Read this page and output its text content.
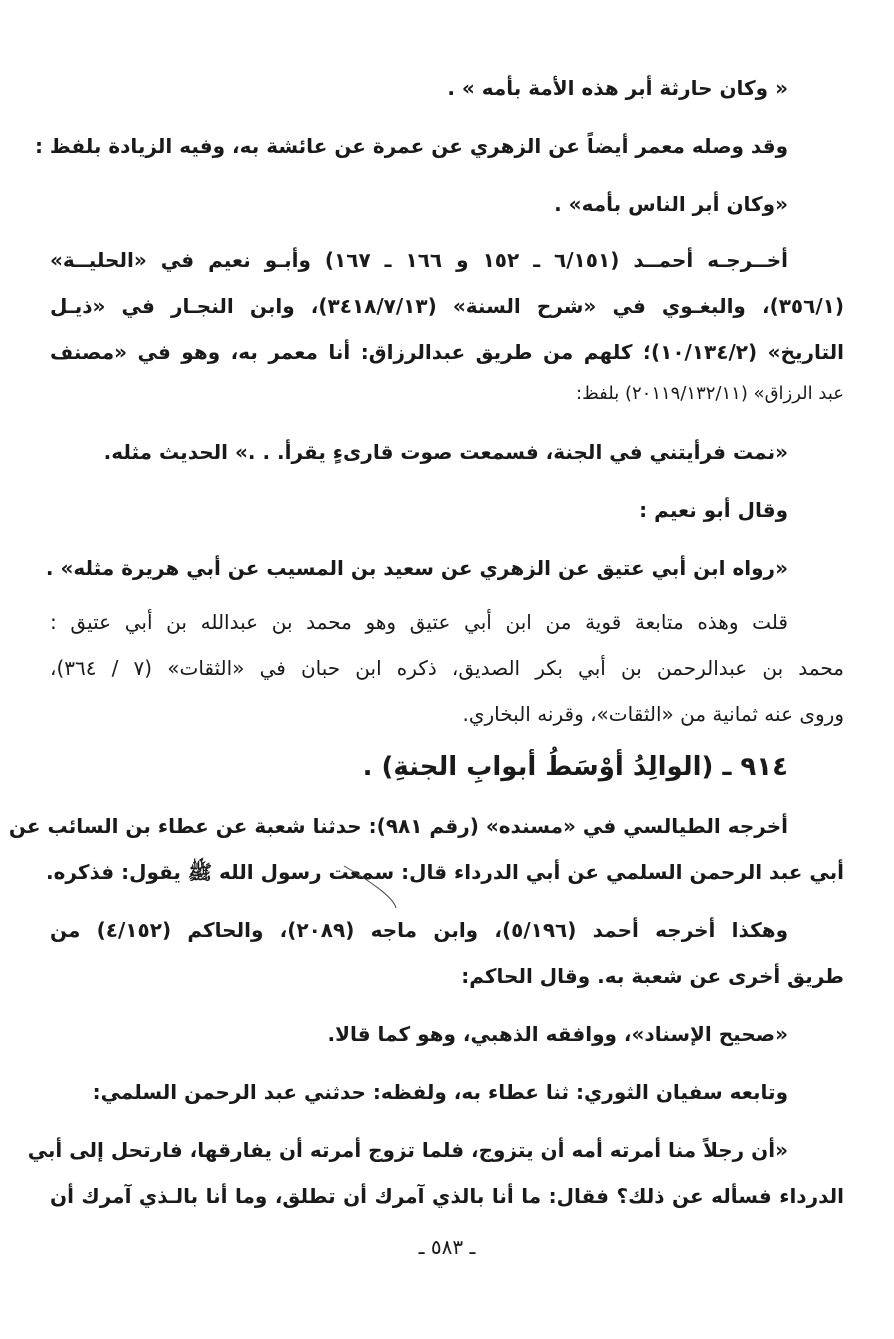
« وكان حارثة أبر هذه الأمة بأمه » .
وقد وصله معمر أيضاً عن الزهري عن عمرة عن عائشة به، وفيه الزيادة بلفظ :
«وكان أبر الناس بأمه» .
أخــرجـه أحمــد (٦/١٥١ ـ ١٥٢ و ١٦٦ ـ ١٦٧) وأبـو نعيم في «الحليــة»
(٣٥٦/١)، والبغـوي في «شرح السنة» (٣٤١٨/٧/١٣)، وابن النجـار في «ذيـل
التاريخ» (١٠/١٣٤/٢)؛ كلهم من طريق عبدالرزاق: أنا معمر به، وهو في «مصنف
عبد الرزاق» (٢٠١١٩/١٣٢/١١) بلفظ:
«نمت فرأيتني في الجنة، فسمعت صوت قارىءٍ يقرأ. . .» الحديث مثله.
وقال أبو نعيم :
«رواه ابن أبي عتيق عن الزهري عن سعيد بن المسيب عن أبي هريرة مثله» .
قلت وهذه متابعة قوية من ابن أبي عتيق وهو محمد بن عبدالله بن أبي عتيق :
محمد بن عبدالرحمن بن أبي بكر الصديق، ذكره ابن حبان في «الثقات» (٧ / ٣٦٤)،
وروى عنه ثمانية من «الثقات»، وقرنه البخاري.
٩١٤ ـ (الوالِدُ أوْسَطُ أبوابِ الجنةِ) .
أخرجه الطيالسي في «مسنده» (رقم ٩٨١): حدثنا شعبة عن عطاء بن السائب عن
أبي عبد الرحمن السلمي عن أبي الدرداء قال: سمعت رسول الله ﷺ يقول: فذكره.
وهكذا أخرجه أحمد (٥/١٩٦)، وابن ماجه (٢٠٨٩)، والحاكم (٤/١٥٢) من
طريق أخرى عن شعبة به. وقال الحاكم:
«صحيح الإسناد»، ووافقه الذهبي، وهو كما قالا.
وتابعه سفيان الثوري: ثنا عطاء به، ولفظه: حدثني عبد الرحمن السلمي:
«أن رجلاً منا أمرته أمه أن يتزوج، فلما تزوج أمرته أن يفارقها، فارتحل إلى أبي
الدرداء فسأله عن ذلك؟ فقال: ما أنا بالذي آمرك أن تطلق، وما أنا بالـذي آمرك أن
ـ ٥٨٣ ـ
